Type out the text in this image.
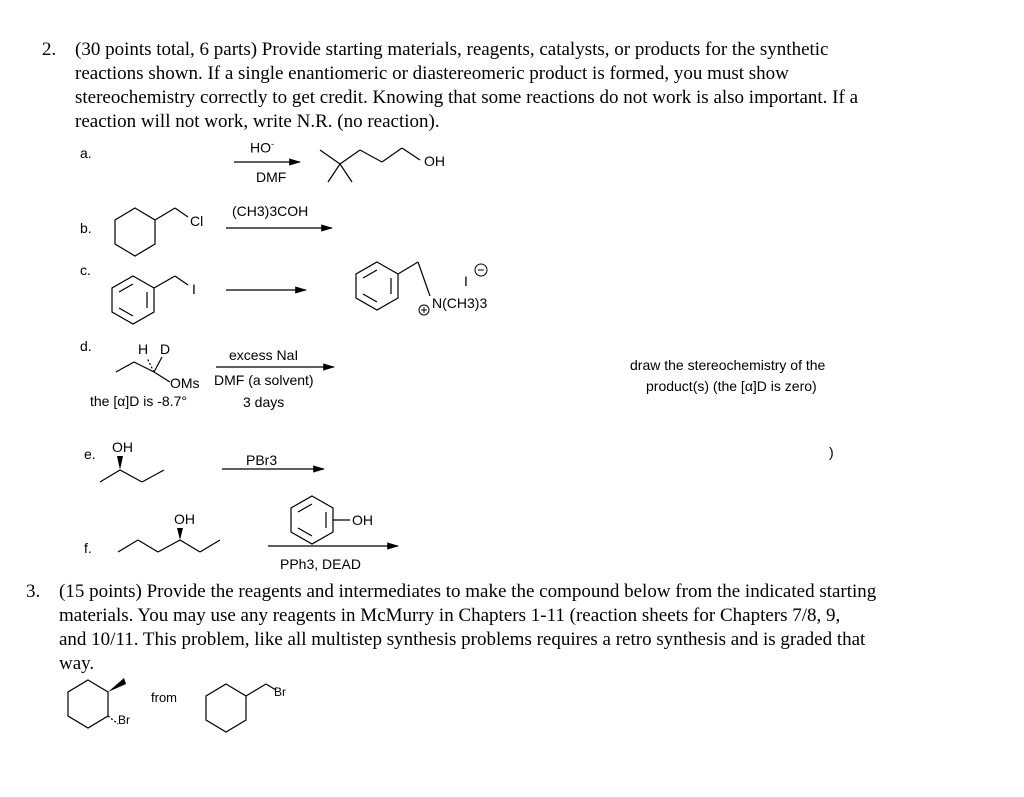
2. (30 points total, 6 parts) Provide starting materials, reagents, catalysts, or products for the synthetic
reactions shown. If a single enantiomeric or diastereomeric product is formed, you must show
stereochemistry correctly to get credit. Knowing that some reactions do not work is also important. If a
reaction will not work, write N.R. (no reaction).
a.	HO-
DMF
OH
Cl
I	I
N(CH3)3
H D
OMs
OH
OH	OH
Br
Br
b.
(CH3)3COH
c.
d.
the [α]D is -8.7°
excess NaI
DMF (a solvent)
3 days
draw the stereochemistry of the
product(s) (the [α]D is zero)
e.	PBr3	)
f.
PPh3, DEAD
3. (15 points) Provide the reagents and intermediates to make the compound below from the indicated starting
materials. You may use any reagents in McMurry in Chapters 1-11 (reaction sheets for Chapters 7/8, 9,
and 10/11. This problem, like all multistep synthesis problems requires a retro synthesis and is graded that
way.
from
